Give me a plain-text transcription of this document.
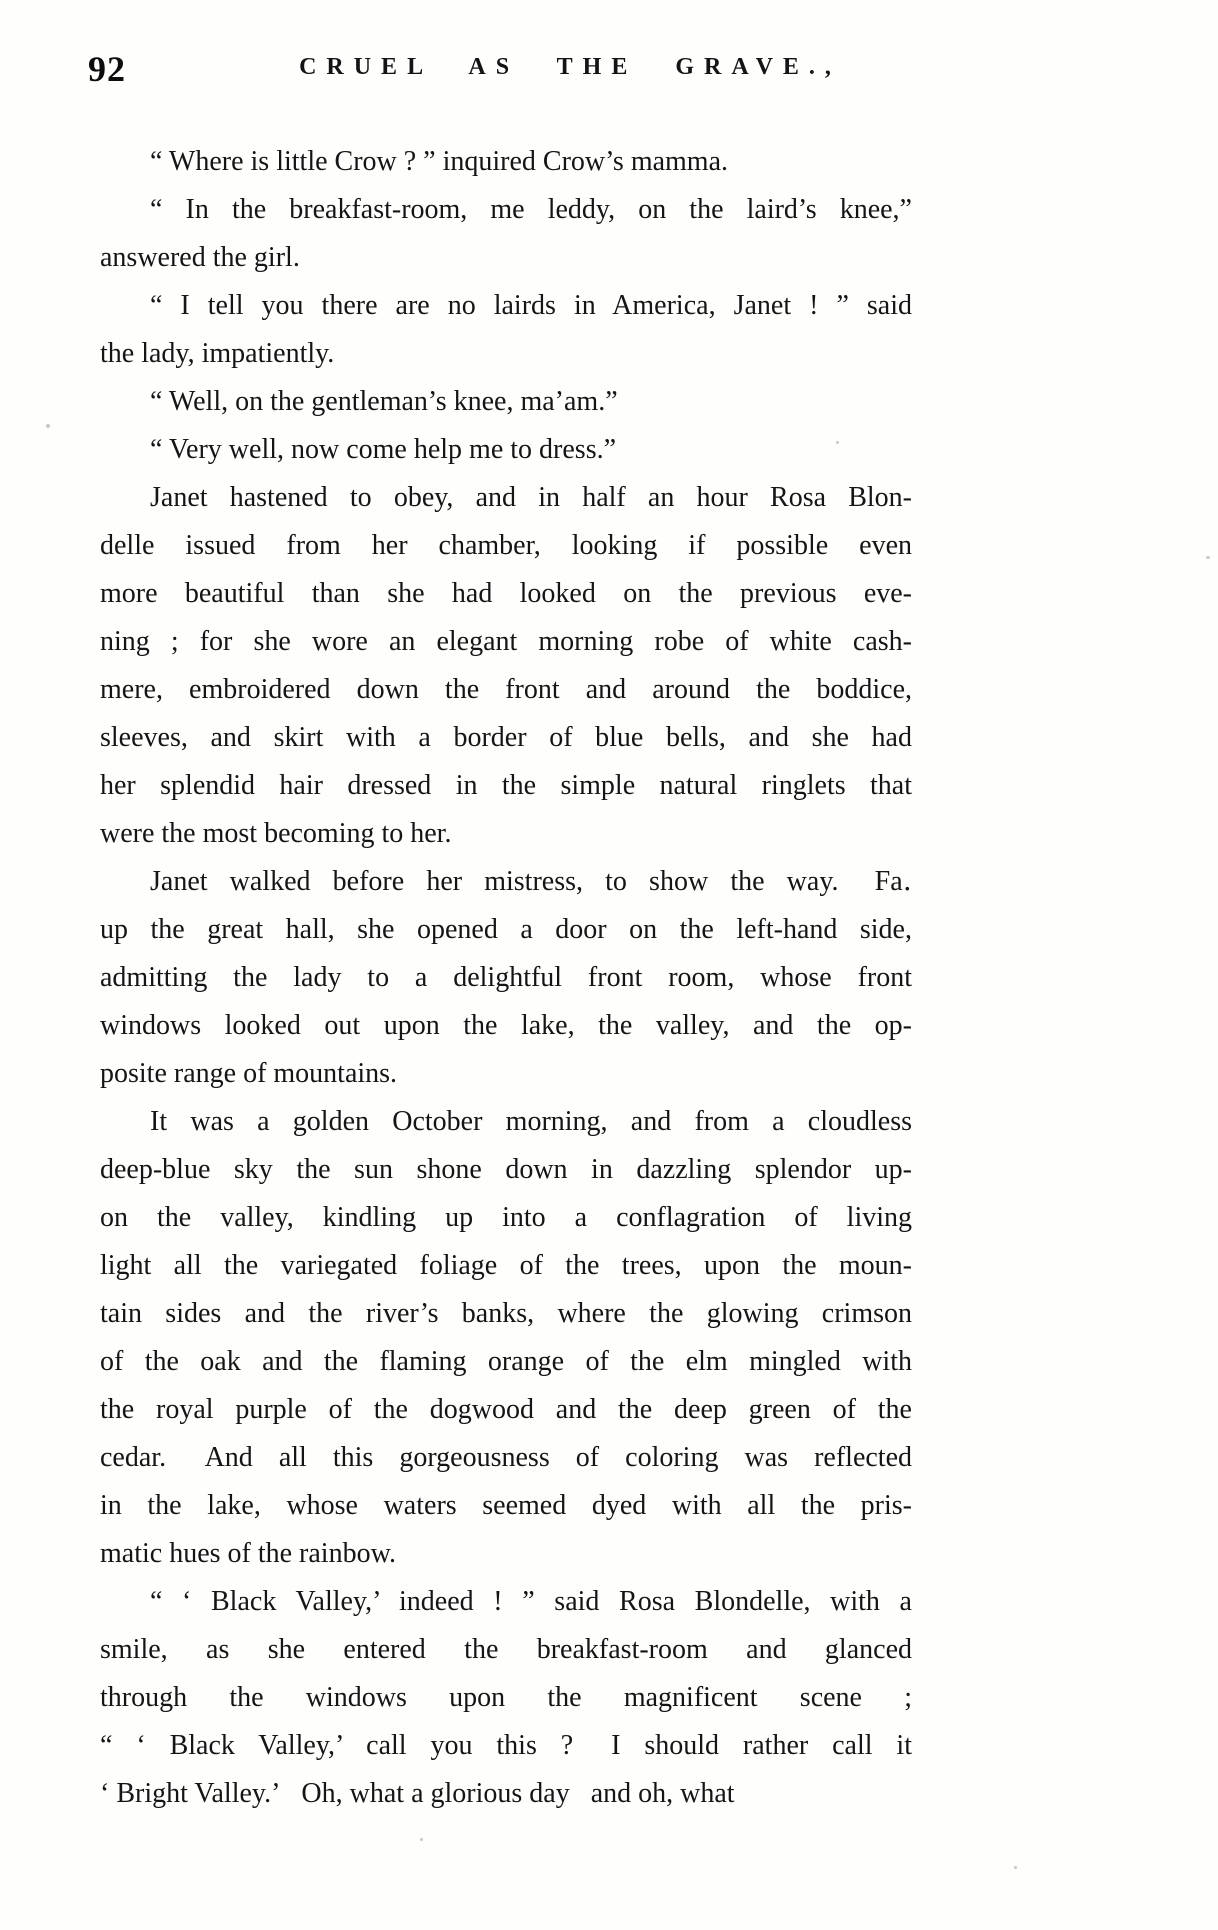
92	CRUEL AS THE GRAVE.,
“ Where is little Crow ? ” inquired Crow’s mamma.
“ In the breakfast-room, me leddy, on the laird’s knee,”
answered the girl.
“ I tell you there are no lairds in America, Janet ! ” said
the lady, impatiently.
“ Well, on the gentleman’s knee, ma’am.”
“ Very well, now come help me to dress.”
Janet hastened to obey, and in half an hour Rosa Blon-
delle issued from her chamber, looking if possible even
more beautiful than she had looked on the previous eve-
ning ; for she wore an elegant morning robe of white cash-
mere, embroidered down the front and around the boddice,
sleeves, and skirt with a border of blue bells, and she had
her splendid hair dressed in the simple natural ringlets that
were the most becoming to her.
Janet walked before her mistress, to show the way.  Fa․
up the great hall, she opened a door on the left-hand side,
admitting the lady to a delightful front room, whose front
windows looked out upon the lake, the valley, and the op-
posite range of mountains.
It was a golden October morning, and from a cloudless
deep-blue sky the sun shone down in dazzling splendor up-
on the valley, kindling up into a conflagration of living
light all the variegated foliage of the trees, upon the moun-
tain sides and the river’s banks, where the glowing crimson
of the oak and the flaming orange of the elm mingled with
the royal purple of the dogwood and the deep green of the
cedar.  And all this gorgeousness of coloring was reflected
in the lake, whose waters seemed dyed with all the pris-
matic hues of the rainbow.
“ ‘ Black Valley,’ indeed ! ” said Rosa Blondelle, with a
smile, as she entered the breakfast-room and glanced
through the windows upon the magnificent scene ;
“ ‘ Black Valley,’ call you this ?  I should rather call it
‘ Bright Valley.’  Oh, what a glorious day  and oh, what
